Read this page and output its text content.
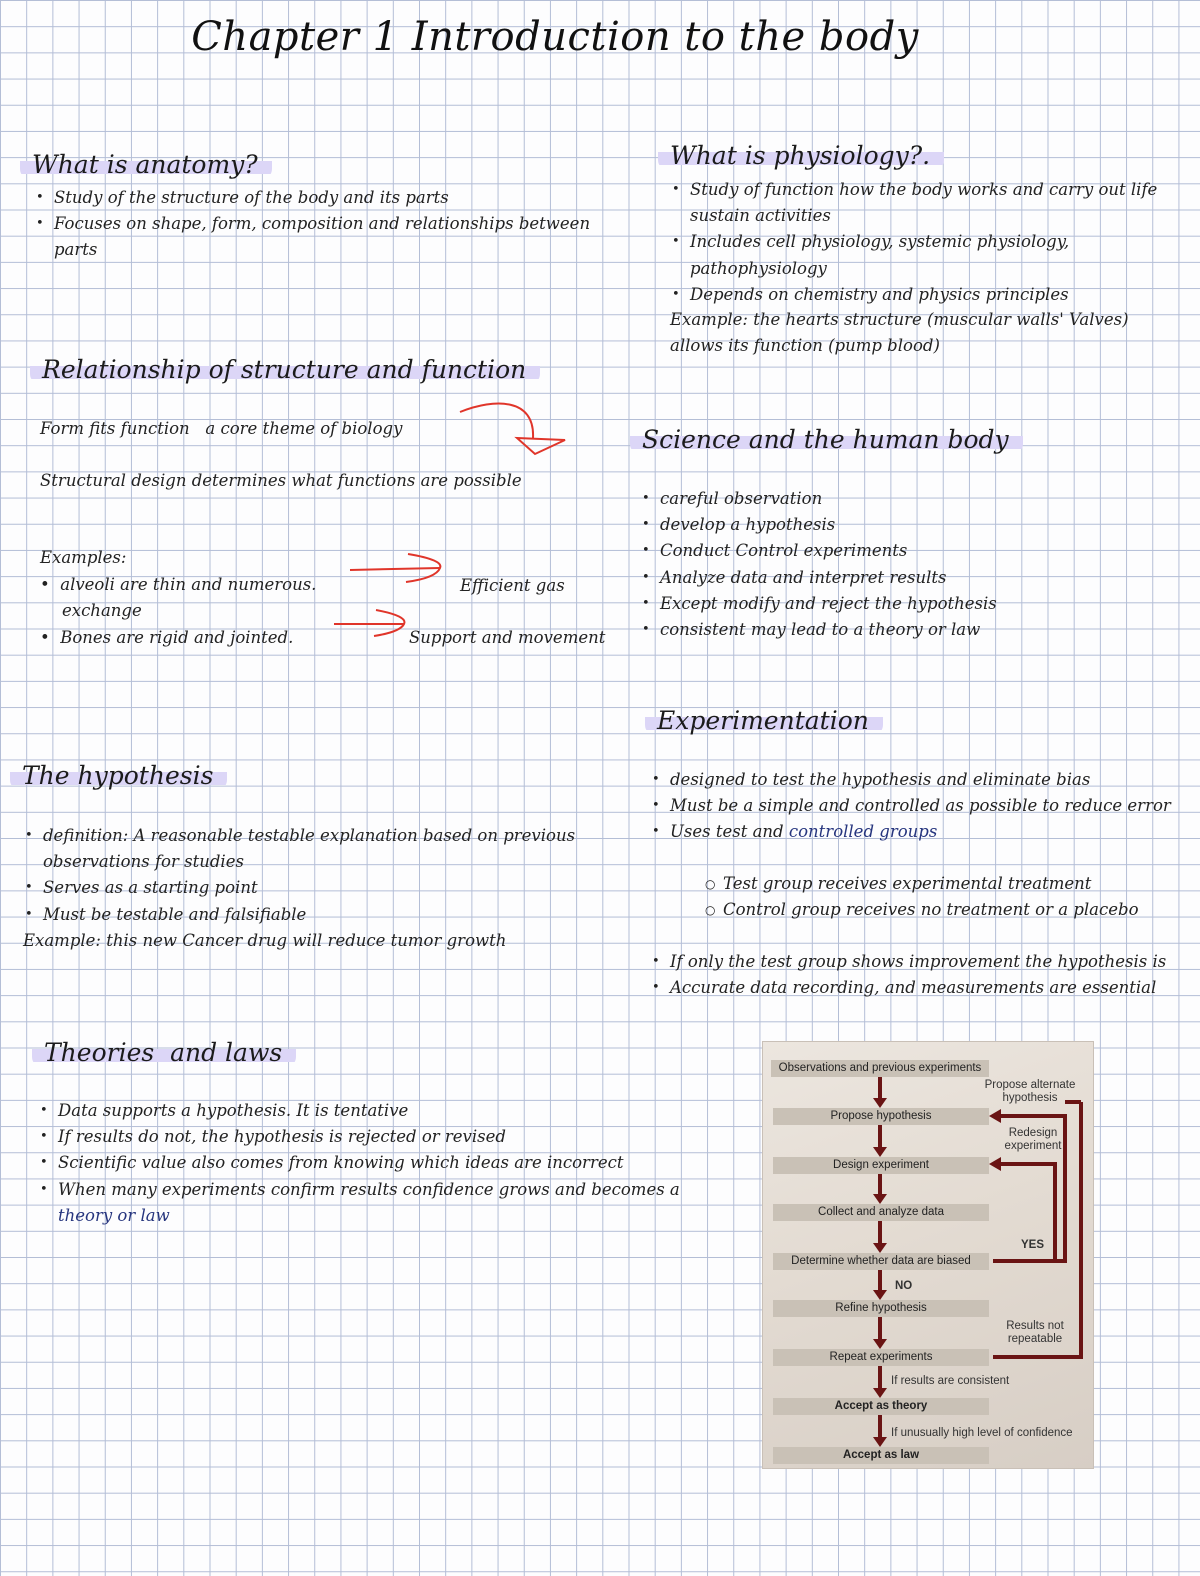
Chapter 1 Introduction to the body
What is anatomy?
• Study of the structure of the body and its parts
• Focuses on shape, form, composition and relationships between parts
What is physiology?.
• Study of function how the body works and carry out life sustain activities
• Includes cell physiology, systemic physiology, pathophysiology
• Depends on chemistry and physics principles
Example: the hearts structure (muscular walls' Valves)
allows its function (pump blood)
Relationship of structure and function
Form fits function   a core theme of biology
Structural design determines what functions are possible
Examples:
•  alveoli are thin and numerous.
exchange
Efficient gas
•  Bones are rigid and jointed.	Support and movement
Science and the human body
• careful observation
• develop a hypothesis
• Conduct Control experiments
• Analyze data and interpret results
• Except modify and reject the hypothesis
• consistent may lead to a theory or law
Experimentation
• designed to test the hypothesis and eliminate bias
• Must be a simple and controlled as possible to reduce error
• Uses test and controlled groups
○ Test group receives experimental treatment
○ Control group receives no treatment or a placebo
• If only the test group shows improvement the hypothesis is
• Accurate data recording, and measurements are essential
The hypothesis
• definition: A reasonable testable explanation based on previous observations for studies
• Serves as a starting point
• Must be testable and falsifiable
Example: this new Cancer drug will reduce tumor growth
Theories  and laws
• Data supports a hypothesis. It is tentative
• If results do not, the hypothesis is rejected or revised
• Scientific value also comes from knowing which ideas are incorrect
• When many experiments confirm results confidence grows and becomes a theory or law
Observations and previous experiments
Propose hypothesis
Design experiment
Collect and analyze data
Determine whether data are biased
Refine hypothesis
Repeat experiments
Accept as theory
Accept as law
Propose alternate hypothesis
Redesign experiment
YES
NO
Results not repeatable
If results are consistent
If unusually high level of confidence
